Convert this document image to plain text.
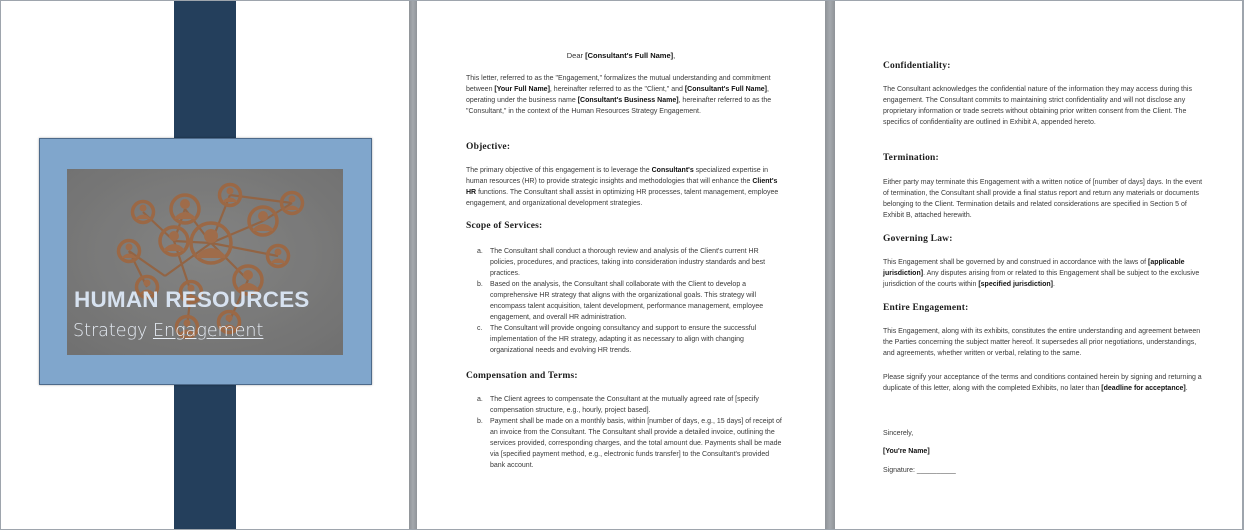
HUMAN RESOURCES
Strategy Engagement
Dear [Consultant's Full Name],
This letter, referred to as the "Engagement," formalizes the mutual understanding and commitment between [Your Full Name], hereinafter referred to as the "Client," and [Consultant's Full Name], operating under the business name [Consultant's Business Name], hereinafter referred to as the "Consultant," in the context of the Human Resources Strategy Engagement.
Objective:
The primary objective of this engagement is to leverage the Consultant's specialized expertise in human resources (HR) to provide strategic insights and methodologies that will enhance the Client's HR functions. The Consultant shall assist in optimizing HR processes, talent management, employee engagement, and organizational development strategies.
Scope of Services:
a. The Consultant shall conduct a thorough review and analysis of the Client's current HR policies, procedures, and practices, taking into consideration industry standards and best practices.
b. Based on the analysis, the Consultant shall collaborate with the Client to develop a comprehensive HR strategy that aligns with the organizational goals. This strategy will encompass talent acquisition, talent development, performance management, employee engagement, and overall HR administration.
c. The Consultant will provide ongoing consultancy and support to ensure the successful implementation of the HR strategy, adapting it as necessary to align with changing organizational needs and evolving HR trends.
Compensation and Terms:
a. The Client agrees to compensate the Consultant at the mutually agreed rate of [specify compensation structure, e.g., hourly, project based].
b. Payment shall be made on a monthly basis, within [number of days, e.g., 15 days] of receipt of an invoice from the Consultant. The Consultant shall provide a detailed invoice, outlining the services provided, corresponding charges, and the total amount due. Payments shall be made via [specified payment method, e.g., electronic funds transfer] to the Consultant's provided bank account.
Confidentiality:
The Consultant acknowledges the confidential nature of the information they may access during this engagement. The Consultant commits to maintaining strict confidentiality and will not disclose any proprietary information or trade secrets without obtaining prior written consent from the Client. The specifics of confidentiality are outlined in Exhibit A, appended hereto.
Termination:
Either party may terminate this Engagement with a written notice of [number of days] days. In the event of termination, the Consultant shall provide a final status report and return any materials or documents belonging to the Client. Termination details and related considerations are specified in Section 5 of Exhibit B, attached herewith.
Governing Law:
This Engagement shall be governed by and construed in accordance with the laws of [applicable jurisdiction]. Any disputes arising from or related to this Engagement shall be subject to the exclusive jurisdiction of the courts within [specified jurisdiction].
Entire Engagement:
This Engagement, along with its exhibits, constitutes the entire understanding and agreement between the Parties concerning the subject matter hereof. It supersedes all prior negotiations, understandings, and agreements, whether written or verbal, relating to the same.
Please signify your acceptance of the terms and conditions contained herein by signing and returning a duplicate of this letter, along with the completed Exhibits, no later than [deadline for acceptance].
Sincerely,
[You're Name]
Signature: __________
